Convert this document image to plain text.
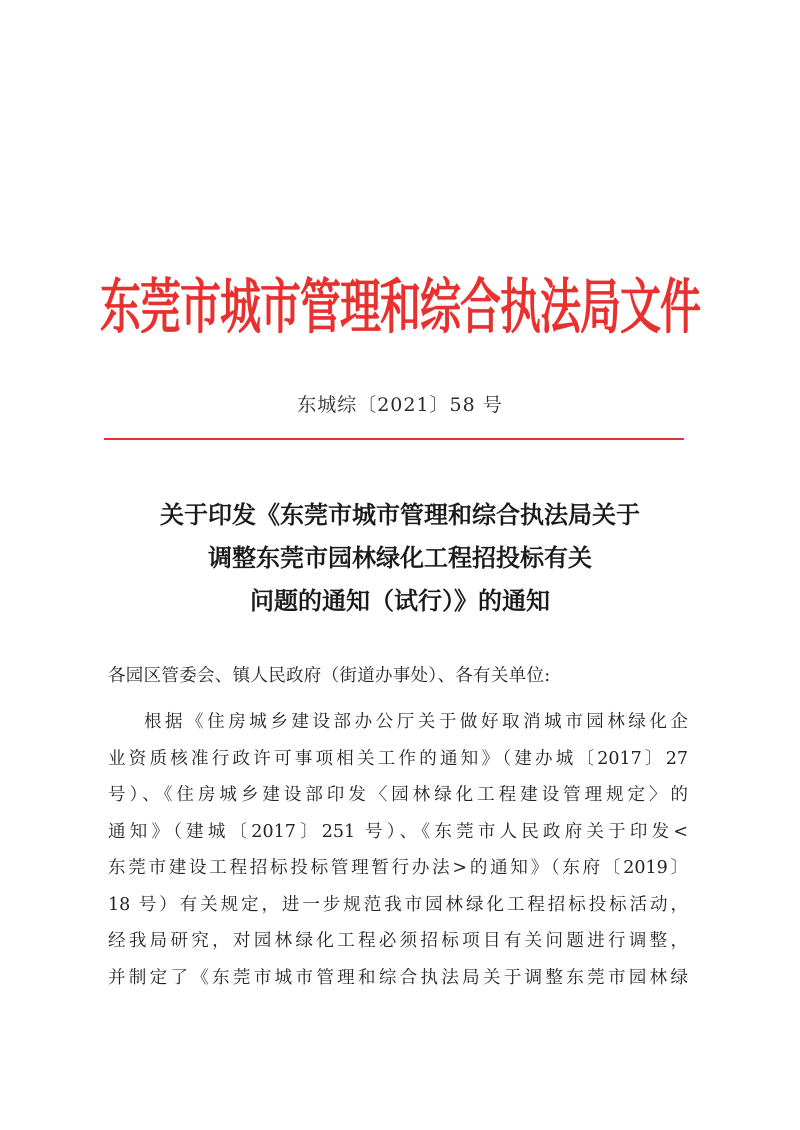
东莞市城市管理和综合执法局文件
东城综〔2021〕58 号
关于印发《东莞市城市管理和综合执法局关于
调整东莞市园林绿化工程招投标有关
问题的通知（试行）》的通知
各园区管委会、镇人民政府（街道办事处）、各有关单位:
根据《住房城乡建设部办公厅关于做好取消城市园林绿化企
业资质核准行政许可事项相关工作的通知》（建办城〔2017〕27
号）、《住房城乡建设部印发〈园林绿化工程建设管理规定〉的
通知》（建城〔2017〕251 号）、《东莞市人民政府关于印发<
东莞市建设工程招标投标管理暂行办法>的通知》（东府〔2019〕
18 号）有关规定，进一步规范我市园林绿化工程招标投标活动，
经我局研究，对园林绿化工程必须招标项目有关问题进行调整，
并制定了《东莞市城市管理和综合执法局关于调整东莞市园林绿
